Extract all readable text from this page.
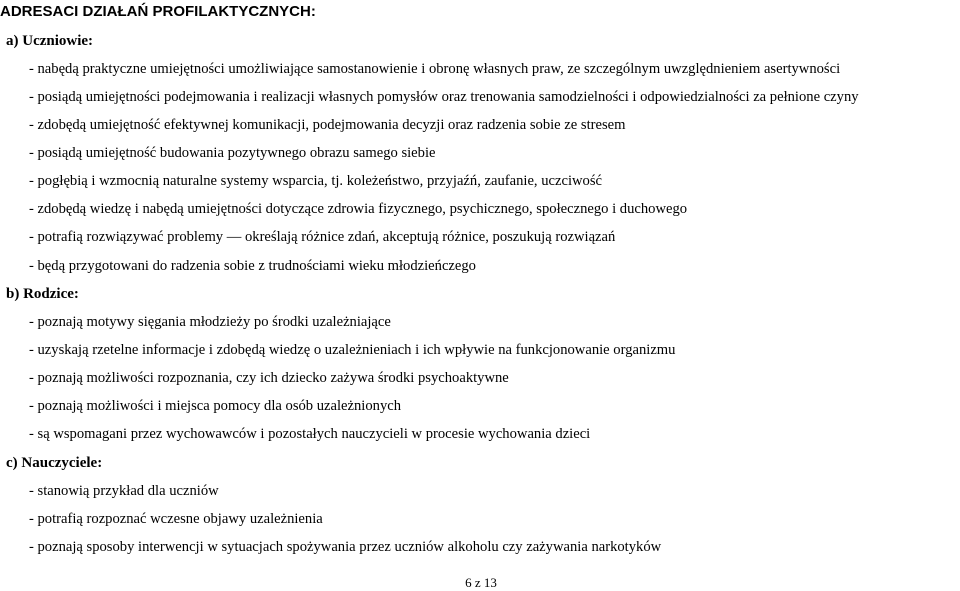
ADRESACI DZIAŁAŃ PROFILAKTYCZNYCH:
a) Uczniowie:
- nabędą praktyczne umiejętności umożliwiające samostanowienie i obronę własnych praw, ze szczególnym uwzględnieniem asertywności
- posiądą umiejętności podejmowania i realizacji własnych pomysłów oraz trenowania samodzielności i odpowiedzialności za pełnione czyny
- zdobędą umiejętność efektywnej komunikacji, podejmowania decyzji oraz radzenia sobie ze stresem
- posiądą umiejętność budowania pozytywnego obrazu samego siebie
- pogłębią i wzmocnią naturalne systemy wsparcia, tj. koleżeństwo, przyjaźń, zaufanie, uczciwość
- zdobędą wiedzę i nabędą umiejętności dotyczące zdrowia fizycznego, psychicznego, społecznego i duchowego
- potrafią rozwiązywać problemy — określają różnice zdań, akceptują różnice, poszukują rozwiązań
- będą przygotowani do radzenia sobie z trudnościami wieku młodzieńczego
b) Rodzice:
- poznają motywy sięgania młodzieży po środki uzależniające
- uzyskają rzetelne informacje i zdobędą wiedzę o uzależnieniach i ich wpływie na funkcjonowanie organizmu
- poznają możliwości rozpoznania, czy ich dziecko zażywa środki psychoaktywne
- poznają możliwości i miejsca pomocy dla osób uzależnionych
- są wspomagani przez wychowawców i pozostałych nauczycieli w procesie wychowania dzieci
c) Nauczyciele:
- stanowią przykład dla uczniów
- potrafią rozpoznać wczesne objawy uzależnienia
- poznają sposoby interwencji w sytuacjach spożywania przez uczniów alkoholu czy zażywania narkotyków
6 z 13
